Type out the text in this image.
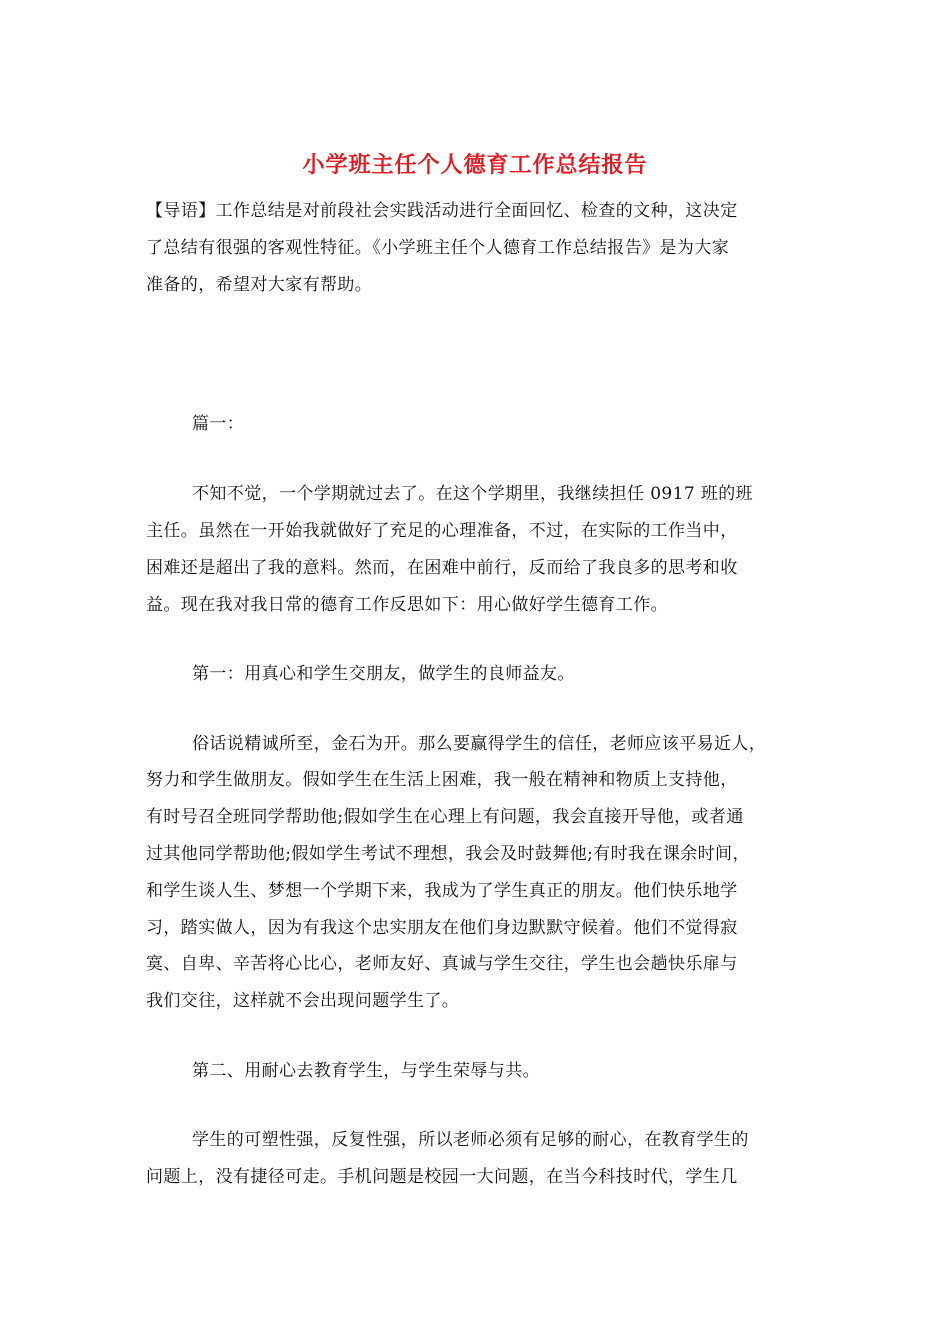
小学班主任个人德育工作总结报告
【导语】工作总结是对前段社会实践活动进行全面回忆、检查的文种，这决定
了总结有很强的客观性特征。《小学班主任个人德育工作总结报告》是为大家
准备的，希望对大家有帮助。
篇一：
不知不觉，一个学期就过去了。在这个学期里，我继续担任 0917 班的班
主任。虽然在一开始我就做好了充足的心理准备，不过，在实际的工作当中，
困难还是超出了我的意料。然而，在困难中前行，反而给了我良多的思考和收
益。现在我对我日常的德育工作反思如下：用心做好学生德育工作。
第一：用真心和学生交朋友，做学生的良师益友。
俗话说精诚所至，金石为开。那么要赢得学生的信任，老师应该平易近人，
努力和学生做朋友。假如学生在生活上困难，我一般在精神和物质上支持他，
有时号召全班同学帮助他;假如学生在心理上有问题，我会直接开导他，或者通
过其他同学帮助他;假如学生考试不理想，我会及时鼓舞他;有时我在课余时间，
和学生谈人生、梦想一个学期下来，我成为了学生真正的朋友。他们快乐地学
习，踏实做人，因为有我这个忠实朋友在他们身边默默守候着。他们不觉得寂
寞、自卑、辛苦将心比心，老师友好、真诚与学生交往，学生也会趟快乐扉与
我们交往，这样就不会出现问题学生了。
第二、用耐心去教育学生，与学生荣辱与共。
学生的可塑性强，反复性强，所以老师必须有足够的耐心，在教育学生的
问题上，没有捷径可走。手机问题是校园一大问题，在当今科技时代，学生几
